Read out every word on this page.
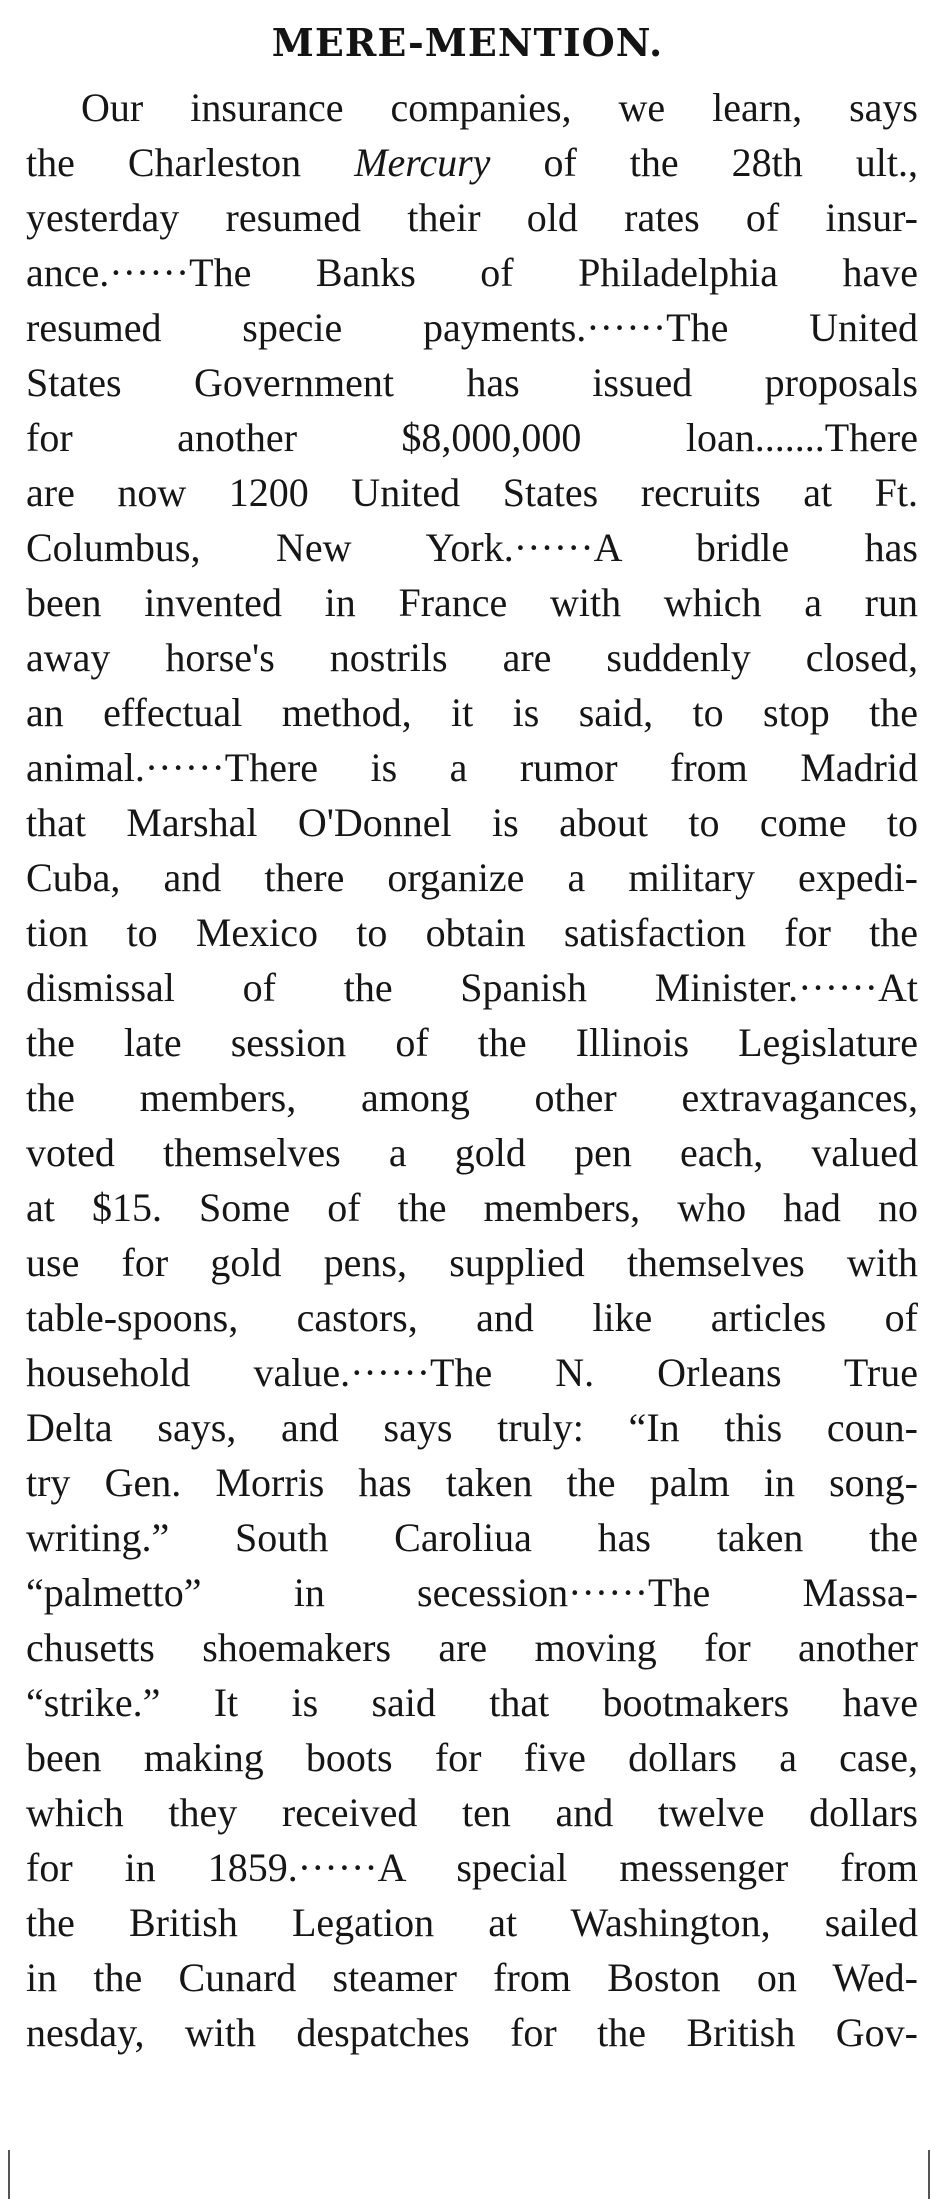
MERE-MENTION.
Our insurance companies, we learn, says
the Charleston Mercury of the 28th ult.,
yesterday resumed their old rates of insur-
ance.······The Banks of Philadelphia have
resumed specie payments.······The United
States Government has issued proposals
for another $8,000,000 loan.......There
are now 1200 United States recruits at Ft.
Columbus, New York.······A bridle has
been invented in France with which a run
away horse's nostrils are suddenly closed,
an effectual method, it is said, to stop the
animal.······There is a rumor from Madrid
that Marshal O'Donnel is about to come to
Cuba, and there organize a military expedi-
tion to Mexico to obtain satisfaction for the
dismissal of the Spanish Minister.······At
the late session of the Illinois Legislature
the members, among other extravagances,
voted themselves a gold pen each, valued
at $15. Some of the members, who had no
use for gold pens, supplied themselves with
table-spoons, castors, and like articles of
household value.······The N. Orleans True
Delta says, and says truly: “In this coun-
try Gen. Morris has taken the palm in song-
writing.” South Caroliua has taken the
“palmetto” in secession······The Massa-
chusetts shoemakers are moving for another
“strike.” It is said that bootmakers have
been making boots for five dollars a case,
which they received ten and twelve dollars
for in 1859.······A special messenger from
the British Legation at Washington, sailed
in the Cunard steamer from Boston on Wed-
nesday, with despatches for the British Gov-
